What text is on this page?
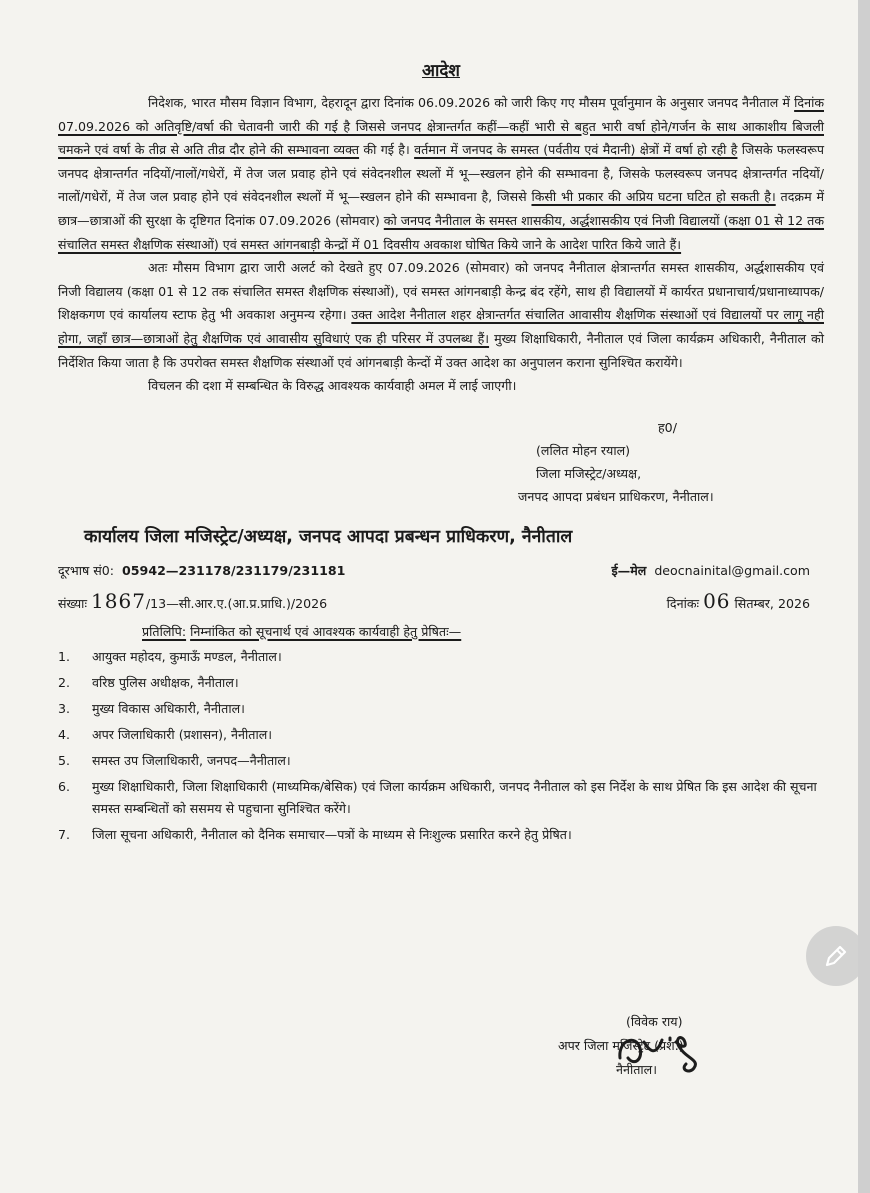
आदेश

निदेशक, भारत मौसम विज्ञान विभाग, देहरादून द्वारा दिनांक 06.09.2026 को जारी किए गए मौसम पूर्वानुमान के अनुसार जनपद नैनीताल में दिनांक 07.09.2026 को अतिवृष्टि/वर्षा की चेतावनी जारी की गई है जिससे जनपद क्षेत्रान्तर्गत कहीं—कहीं भारी से बहुत भारी वर्षा होने/गर्जन के साथ आकाशीय बिजली चमकने एवं वर्षा के तीव्र से अति तीव्र दौर होने की सम्भावना व्यक्त की गई है। वर्तमान में जनपद के समस्त (पर्वतीय एवं मैदानी) क्षेत्रों में वर्षा हो रही है जिसके फलस्वरूप जनपद क्षेत्रान्तर्गत नदियों/नालों/गधेरों, में तेज जल प्रवाह होने एवं संवेदनशील स्थलों में भू—स्खलन होने की सम्भावना है, जिसके फलस्वरूप जनपद क्षेत्रान्तर्गत नदियों/नालों/गधेरों, में तेज जल प्रवाह होने एवं संवेदनशील स्थलों में भू—स्खलन होने की सम्भावना है, जिससे किसी भी प्रकार की अप्रिय घटना घटित हो सकती है। तदक्रम में छात्र—छात्राओं की सुरक्षा के दृष्टिगत दिनांक 07.09.2026 (सोमवार) को जनपद नैनीताल के समस्त शासकीय, अर्द्धशासकीय एवं निजी विद्यालयों (कक्षा 01 से 12 तक संचालित समस्त शैक्षणिक संस्थाओं) एवं समस्त आंगनबाड़ी केन्द्रों में 01 दिवसीय अवकाश घोषित किये जाने के आदेश पारित किये जाते हैं।

अतः मौसम विभाग द्वारा जारी अलर्ट को देखते हुए 07.09.2026 (सोमवार) को जनपद नैनीताल क्षेत्रान्तर्गत समस्त शासकीय, अर्द्धशासकीय एवं निजी विद्यालय (कक्षा 01 से 12 तक संचालित समस्त शैक्षणिक संस्थाओं), एवं समस्त आंगनबाड़ी केन्द्र बंद रहेंगे, साथ ही विद्यालयों में कार्यरत प्रधानाचार्य/प्रधानाध्यापक/शिक्षकगण एवं कार्यालय स्टाफ हेतु भी अवकाश अनुमन्य रहेगा। उक्त आदेश नैनीताल शहर क्षेत्रान्तर्गत संचालित आवासीय शैक्षणिक संस्थाओं एवं विद्यालयों पर लागू नही होगा, जहाँ छात्र—छात्राओं हेतु शैक्षणिक एवं आवासीय सुविधाएं एक ही परिसर में उपलब्ध हैं। मुख्य शिक्षाधिकारी, नैनीताल एवं जिला कार्यक्रम अधिकारी, नैनीताल को निर्देशित किया जाता है कि उपरोक्त समस्त शैक्षणिक संस्थाओं एवं आंगनबाड़ी केन्दों में उक्त आदेश का अनुपालन कराना सुनिश्चित करायेंगे।

विचलन की दशा में सम्बन्धित के विरुद्ध आवश्यक कार्यवाही अमल में लाई जाएगी।

ह0/
(ललित मोहन रयाल)
जिला मजिस्ट्रेट/अध्यक्ष,
जनपद आपदा प्रबंधन प्राधिकरण, नैनीताल।
कार्यालय जिला मजिस्ट्रेट/अध्यक्ष, जनपद आपदा प्रबन्धन प्राधिकरण, नैनीताल
दूरभाष सं0: 05942—231178/231179/231181	ई—मेल deocnainital@gmail.com
संख्याः 1867/13—सी.आर.ए.(आ.प्र.प्राधि.)/2026	दिनांकः 06 सितम्बर, 2026
प्रतिलिपि: निम्नांकित को सूचनार्थ एवं आवश्यक कार्यवाही हेतु प्रेषितः—
1.	आयुक्त महोदय, कुमाऊँ मण्डल, नैनीताल।
2.	वरिष्ठ पुलिस अधीक्षक, नैनीताल।
3.	मुख्य विकास अधिकारी, नैनीताल।
4.	अपर जिलाधिकारी (प्रशासन), नैनीताल।
5.	समस्त उप जिलाधिकारी, जनपद—नैनीताल।
6.	मुख्य शिक्षाधिकारी, जिला शिक्षाधिकारी (माध्यमिक/बेसिक) एवं जिला कार्यक्रम अधिकारी, जनपद नैनीताल को इस निर्देश के साथ प्रेषित कि इस आदेश की सूचना समस्त सम्बन्धितों को ससमय से पहुचाना सुनिश्चित करेंगे।
7.	जिला सूचना अधिकारी, नैनीताल को दैनिक समाचार—पत्रों के माध्यम से निःशुल्क प्रसारित करने हेतु प्रेषित।
(विवेक राय)
अपर जिला मजिस्ट्रेट (प्रश.)
नैनीताल।
